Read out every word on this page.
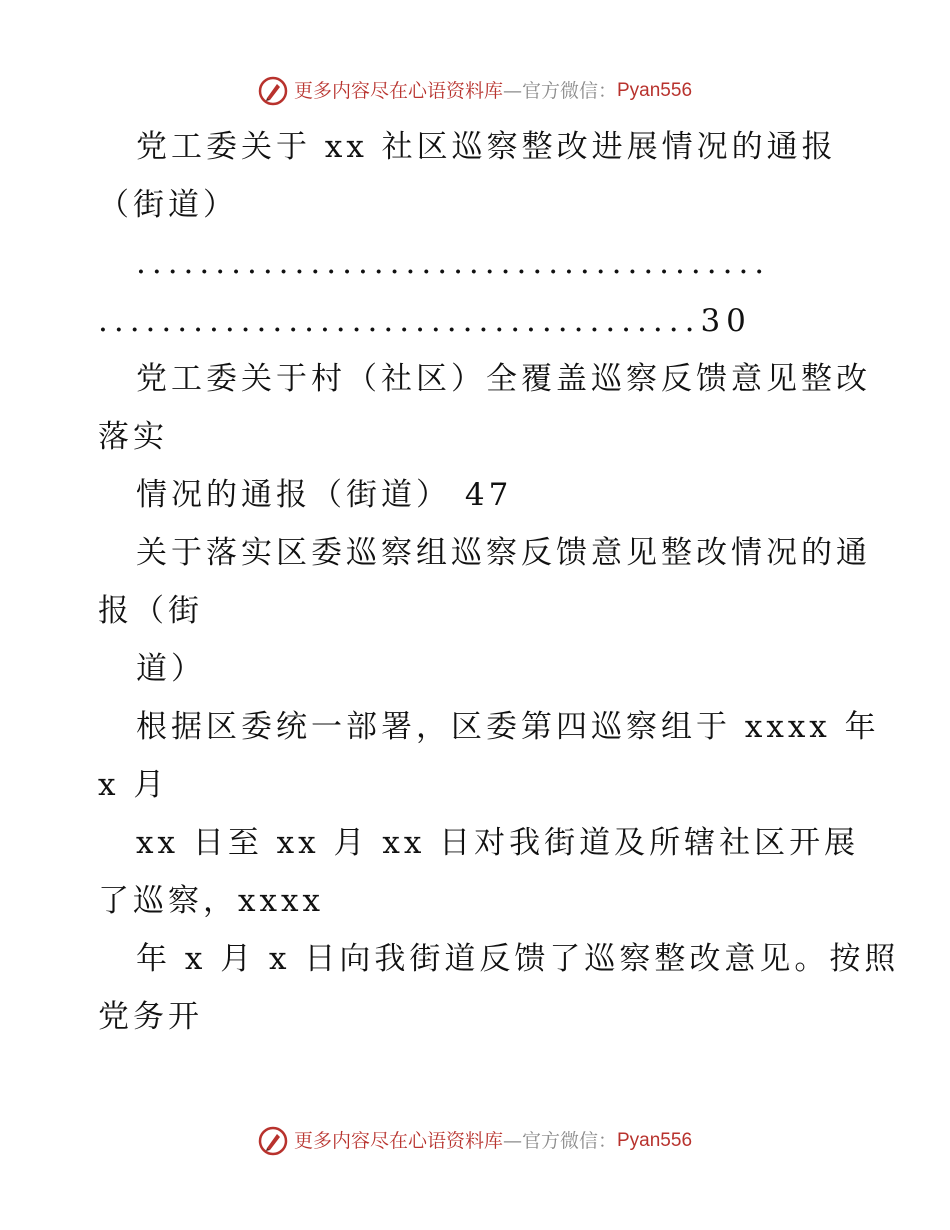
更多内容尽在心语资料库 — 官方微信： Pyan556
党工委关于 xx 社区巡察整改进展情况的通报
（街道）
........................................
......................................30
党工委关于村（社区）全覆盖巡察反馈意见整改
落实
情况的通报（街道） 47
关于落实区委巡察组巡察反馈意见整改情况的通
报（街
道）
根据区委统一部署，区委第四巡察组于 xxxx 年
x 月
xx 日至 xx 月 xx 日对我街道及所辖社区开展
了巡察，xxxx
年 x 月 x 日向我街道反馈了巡察整改意见。按照
党务开
更多内容尽在心语资料库 — 官方微信： Pyan556
